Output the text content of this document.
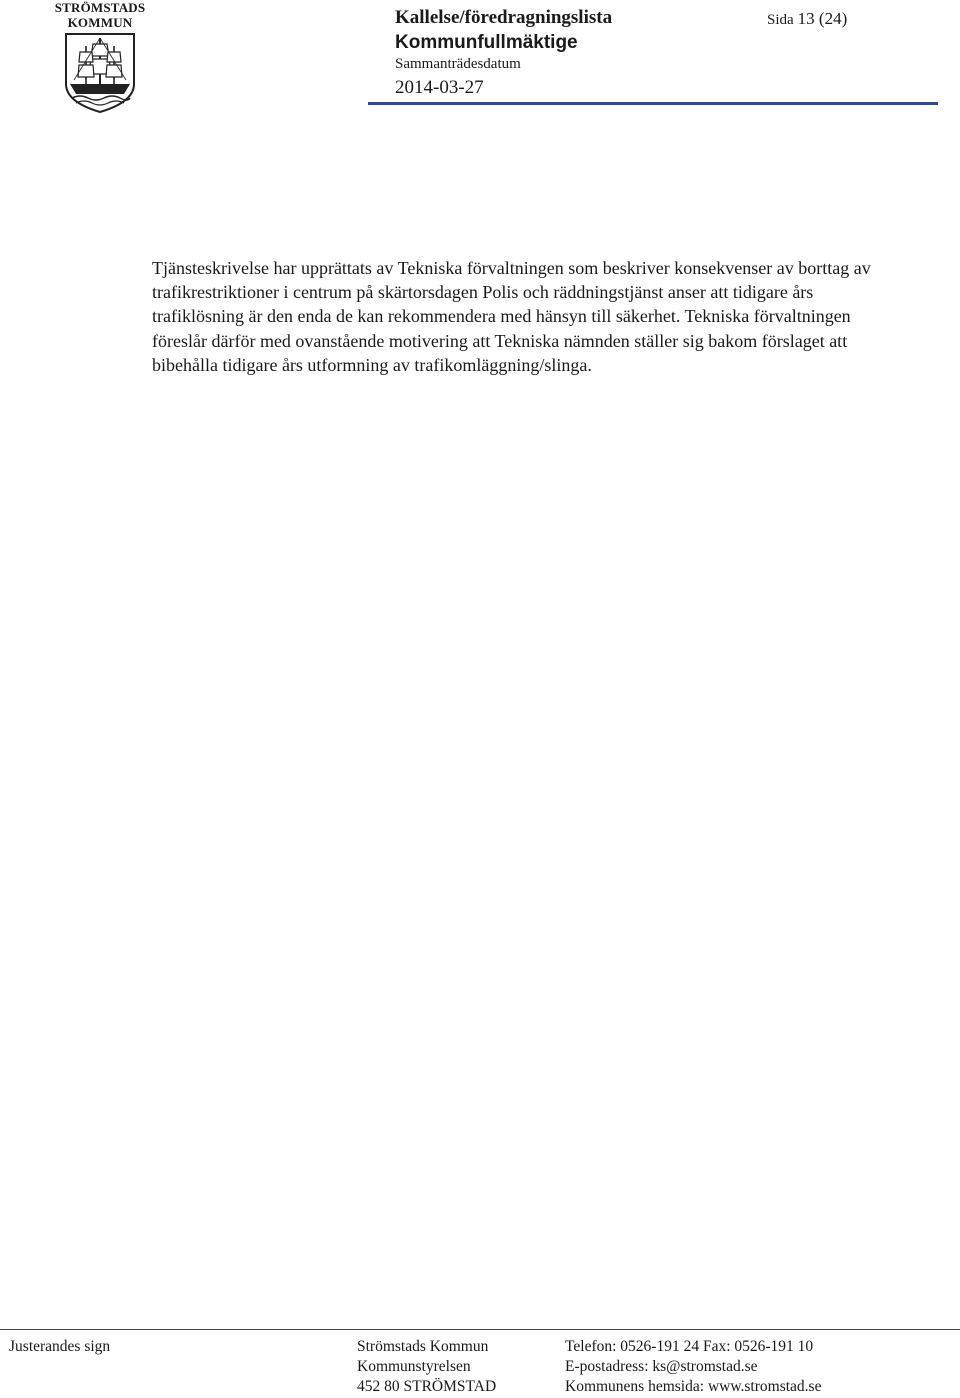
STRÖMSTADS
KOMMUN	Kallelse/föredragningslista
Kommunfullmäktige
Sammanträdesdatum
2014-03-27
Sida 13 (24)

Tjänsteskrivelse har upprättats av Tekniska förvaltningen som beskriver konsekvenser av borttag av trafikrestriktioner i centrum på skärtorsdagen Polis och räddningstjänst anser att tidigare års trafiklösning är den enda de kan rekommendera med hänsyn till säkerhet. Tekniska förvaltningen föreslår därför med ovanstående motivering att Tekniska nämnden ställer sig bakom förslaget att bibehålla tidigare års utformning av trafikomläggning/slinga.

Justerandes sign	Strömstads Kommun
Kommunstyrelsen
452 80 STRÖMSTAD
Telefon: 0526-191 24 Fax: 0526-191 10
E-postadress: ks@stromstad.se
Kommunens hemsida: www.stromstad.se
